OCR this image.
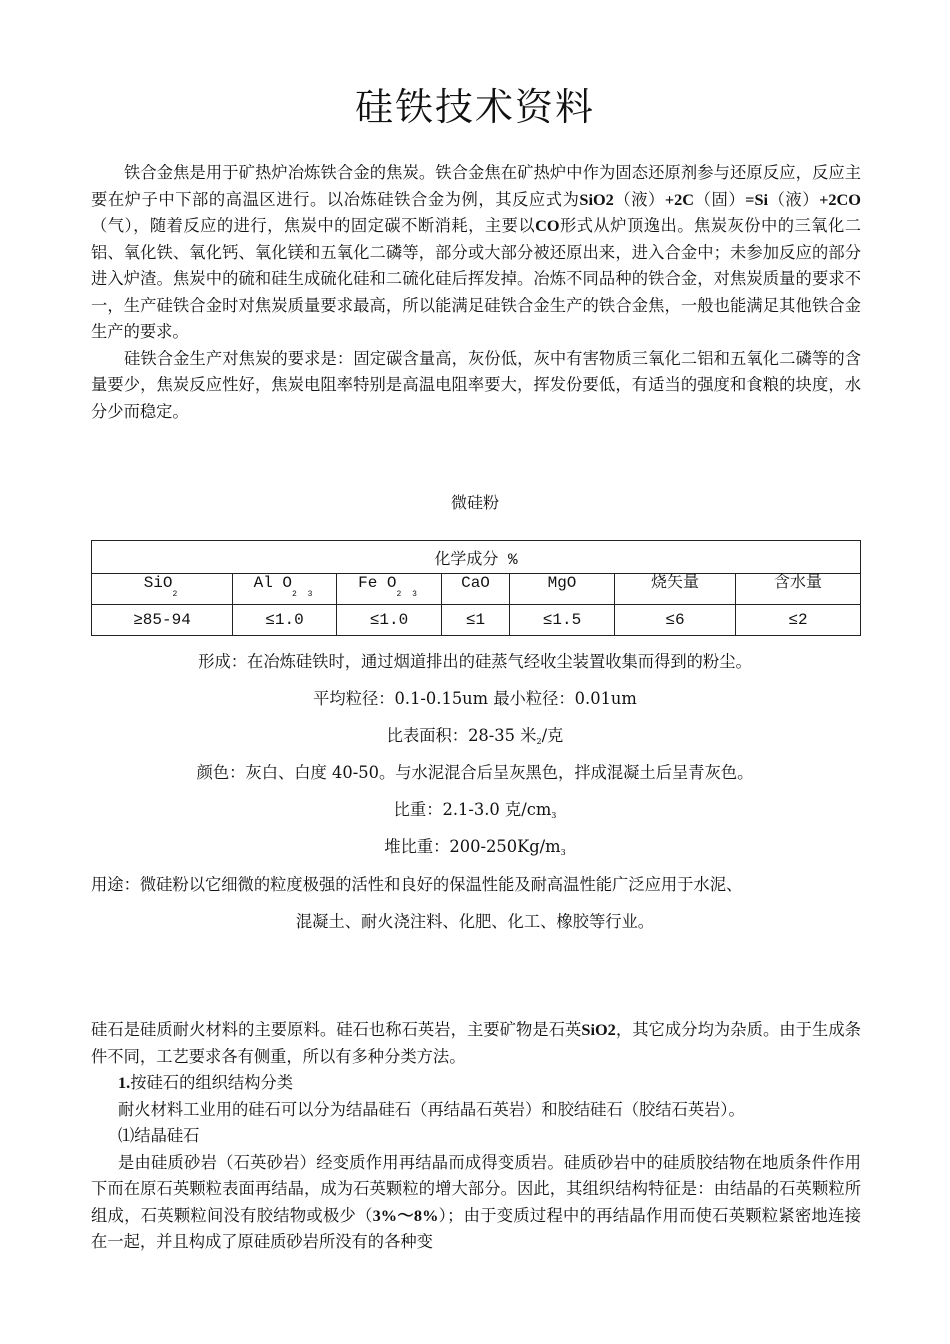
硅铁技术资料

铁合金焦是用于矿热炉冶炼铁合金的焦炭。铁合金焦在矿热炉中作为固态还原剂参与还原反应，反应主要在炉子中下部的高温区进行。以冶炼硅铁合金为例，其反应式为SiO2（液）+2C（固）=Si（液）+2CO（气），随着反应的进行，焦炭中的固定碳不断消耗，主要以CO形式从炉顶逸出。焦炭灰份中的三氧化二铝、氧化铁、氧化钙、氧化镁和五氧化二磷等，部分或大部分被还原出来，进入合金中；未参加反应的部分进入炉渣。焦炭中的硫和硅生成硫化硅和二硫化硅后挥发掉。冶炼不同品种的铁合金，对焦炭质量的要求不一，生产硅铁合金时对焦炭质量要求最高，所以能满足硅铁合金生产的铁合金焦，一般也能满足其他铁合金生产的要求。

硅铁合金生产对焦炭的要求是：固定碳含量高，灰份低，灰中有害物质三氧化二铝和五氧化二磷等的含量要少，焦炭反应性好，焦炭电阻率特别是高温电阻率要大，挥发份要低，有适当的强度和食粮的块度，水分少而稳定。

微硅粉
化学成分 %						
SiO$_2$	Al $O_{2 3}$	Fe $O_{2 3}$	CaO	MgO	烧矢量	含水量
≥85-94	≤1.0	≤1.0	≤1	≤1.5	≤6	≤2
形成：在冶炼硅铁时，通过烟道排出的硅蒸气经收尘装置收集而得到的粉尘。
平均粒径：0.1-0.15um 最小粒径：0.01um
比表面积：28-35 米$_2$/克
颜色：灰白、白度 40-50。与水泥混合后呈灰黑色，拌成混凝土后呈青灰色。
比重：2.1-3.0 克$/cm_3$
堆比重：$200-250Kg/m_3$
用途：微硅粉以它细微的粒度极强的活性和良好的保温性能及耐高温性能广泛应用于水泥、
混凝土、耐火浇注料、化肥、化工、橡胶等行业。

硅石是硅质耐火材料的主要原料。硅石也称石英岩，主要矿物是石英SiO2，其它成分均为杂质。由于生成条件不同，工艺要求各有侧重，所以有多种分类方法。

1.按硅石的组织结构分类

耐火材料工业用的硅石可以分为结晶硅石（再结晶石英岩）和胶结硅石（胶结石英岩）。

⑴结晶硅石

是由硅质砂岩（石英砂岩）经变质作用再结晶而成得变质岩。硅质砂岩中的硅质胶结物在地质条件作用下而在原石英颗粒表面再结晶，成为石英颗粒的增大部分。因此，其组织结构特征是：由结晶的石英颗粒所组成，石英颗粒间没有胶结物或极少（3%～8%）；由于变质过程中的再结晶作用而使石英颗粒紧密地连接在一起，并且构成了原硅质砂岩所没有的各种变
